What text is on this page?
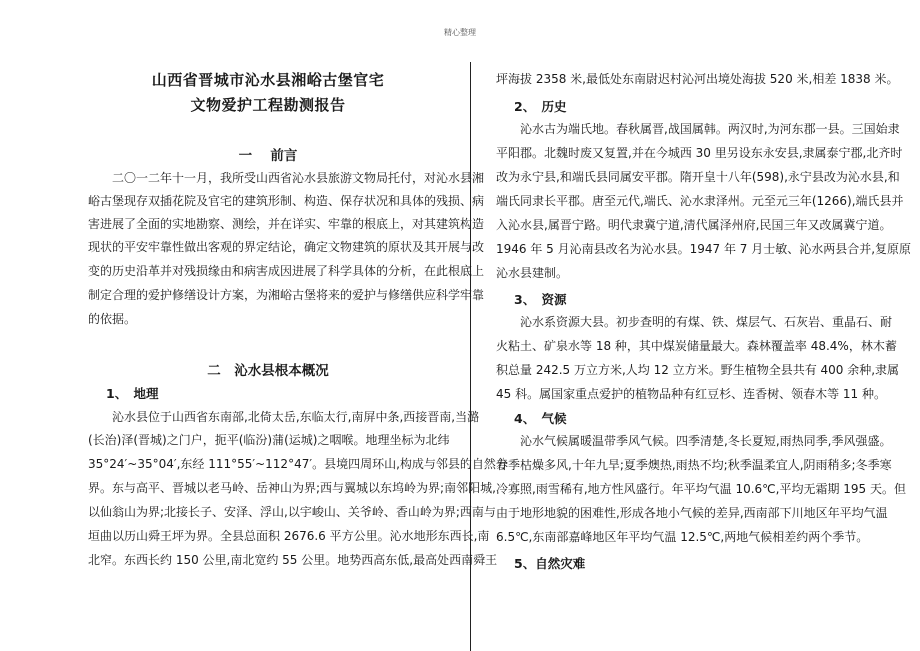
精心整理
山西省晋城市沁水县湘峪古堡官宅
文物爱护工程勘测报告
一　 前言
二〇一二年十一月，我所受山西省沁水县旅游文物局托付，对沁水县湘
峪古堡现存双插花院及官宅的建筑形制、构造、保存状况和具体的残损、病
害进展了全面的实地勘察、测绘，并在详实、牢靠的根底上，对其建筑构造
现状的平安牢靠性做出客观的界定结论，确定文物建筑的原状及其开展与改
变的历史沿革并对残损缘由和病害成因进展了科学具体的分析，在此根底上
制定合理的爱护修缮设计方案，为湘峪古堡将来的爱护与修缮供应科学牢靠
的依据。
二　沁水县根本概况
1、　地理
沁水县位于山西省东南部,北倚太岳,东临太行,南屏中条,西接晋南,当潞
(长治)泽(晋城)之门户，扼平(临汾)蒲(运城)之咽喉。地理坐标为北纬
35°24′~35°04′,东经 111°55′~112°47′。县境四周环山,构成与邻县的自然分
界。东与高平、晋城以老马岭、岳神山为界;西与翼城以东坞岭为界;南邻阳城,
以仙翁山为界;北接长子、安泽、浮山,以宇峻山、关爷岭、香山岭为界;西南与
垣曲以历山舜王坪为界。全县总面积 2676.6 平方公里。沁水地形东西长,南
北窄。东西长约 150 公里,南北宽约 55 公里。地势西高东低,最高处西南舜王
坪海拔 2358 米,最低处东南尉迟村沁河出境处海拔 520 米,相差 1838 米。
2、　历史
沁水古为端氏地。春秋属晋,战国属韩。两汉时,为河东郡一县。三国始隶
平阳郡。北魏时废又复置,并在今城西 30 里另设东永安县,隶属泰宁郡,北齐时
改为永宁县,和端氏县同属安平郡。隋开皇十八年(598),永宁县改为沁水县,和
端氏同隶长平郡。唐至元代,端氏、沁水隶泽州。元至元三年(1266),端氏县并
入沁水县,属晋宁路。明代隶冀宁道,清代属泽州府,民国三年又改属冀宁道。
1946 年 5 月沁南县改名为沁水县。1947 年 7 月士敏、沁水两县合并,复原原
沁水县建制。
3、　资源
沁水系资源大县。初步查明的有煤、铁、煤层气、石灰岩、重晶石、耐
火粘土、矿泉水等 18 种，其中煤炭储量最大。森林覆盖率 48.4%，林木蓄
积总量 242.5 万立方米,人均 12 立方米。野生植物全县共有 400 余种,隶属
45 科。属国家重点爱护的植物品种有红豆杉、连香树、领春木等 11 种。
4、　气候
沁水气候属暖温带季风气候。四季清楚,冬长夏短,雨热同季,季风强盛。
春季枯燥多风,十年九旱;夏季燠热,雨热不均;秋季温柔宜人,阴雨稍多;冬季寒
冷寡照,雨雪稀有,地方性风盛行。年平均气温 10.6℃,平均无霜期 195 天。但
由于地形地貌的困难性,形成各地小气候的差异,西南部下川地区年平均气温
6.5℃,东南部嘉峰地区年平均气温 12.5℃,两地气候相差约两个季节。
5、自然灾难
